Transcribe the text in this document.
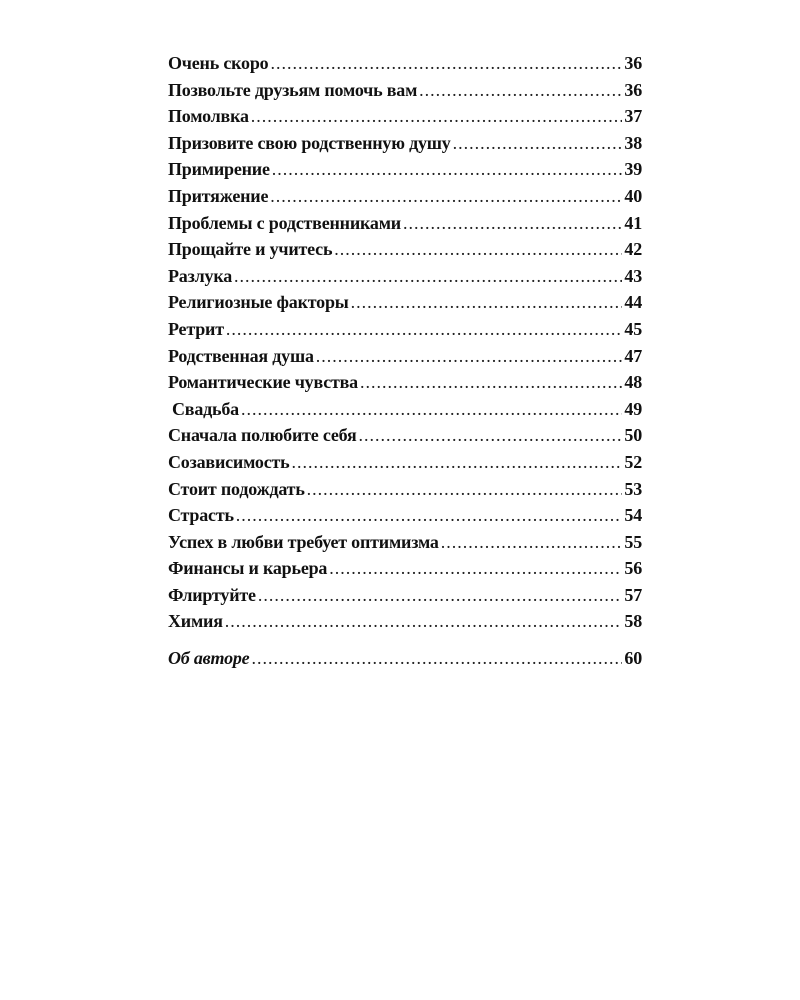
Очень скоро .....	36
Позвольте друзьям помочь вам .....	36
Помолвка .....	37
Призовите свою родственную душу .....	38
Примирение .....	39
Притяжение .....	40
Проблемы с родственниками .....	41
Прощайте и учитесь .....	42
Разлука .....	43
Религиозные факторы .....	44
Ретрит .....	45
Родственная душа .....	47
Романтические чувства .....	48
Свадьба .....	49
Сначала полюбите себя .....	50
Созависимость .....	52
Стоит подождать .....	53
Страсть .....	54
Успех в любви требует оптимизма .....	55
Финансы и карьера .....	56
Флиртуйте .....	57
Химия .....	58
Об авторе .....	60
